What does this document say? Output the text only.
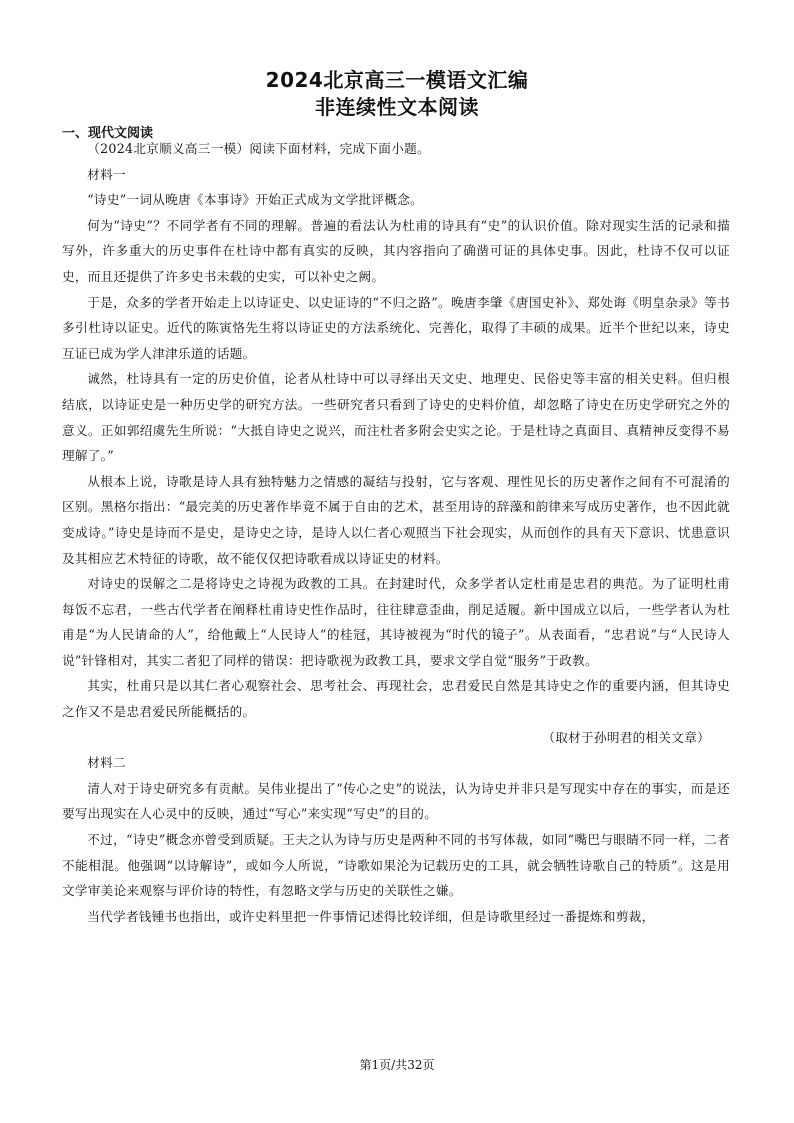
2024北京高三一模语文汇编
非连续性文本阅读
一、现代文阅读

（2024北京顺义高三一模）阅读下面材料，完成下面小题。

材料一

“诗史”一词从晚唐《本事诗》开始正式成为文学批评概念。

何为“诗史”？不同学者有不同的理解。普遍的看法认为杜甫的诗具有“史”的认识价值。除对现实生活的记录和描写外，许多重大的历史事件在杜诗中都有真实的反映，其内容指向了确凿可证的具体史事。因此，杜诗不仅可以证史，而且还提供了许多史书未载的史实，可以补史之阙。

于是，众多的学者开始走上以诗证史、以史证诗的“不归之路”。晚唐李肇《唐国史补》、郑处诲《明皇杂录》等书多引杜诗以证史。近代的陈寅恪先生将以诗证史的方法系统化、完善化，取得了丰硕的成果。近半个世纪以来，诗史互证已成为学人津津乐道的话题。

诚然，杜诗具有一定的历史价值，论者从杜诗中可以寻绎出天文史、地理史、民俗史等丰富的相关史料。但归根结底，以诗证史是一种历史学的研究方法。一些研究者只看到了诗史的史料价值，却忽略了诗史在历史学研究之外的意义。正如郭绍虞先生所说：“大抵自诗史之说兴，而注杜者多附会史实之论。于是杜诗之真面目、真精神反变得不易理解了。”

从根本上说，诗歌是诗人具有独特魅力之情感的凝结与投射，它与客观、理性见长的历史著作之间有不可混淆的区别。黑格尔指出：“最完美的历史著作毕竟不属于自由的艺术，甚至用诗的辞藻和韵律来写成历史著作，也不因此就变成诗。”诗史是诗而不是史，是诗史之诗，是诗人以仁者心观照当下社会现实，从而创作的具有天下意识、忧患意识及其相应艺术特征的诗歌，故不能仅仅把诗歌看成以诗证史的材料。

对诗史的误解之二是将诗史之诗视为政教的工具。在封建时代，众多学者认定杜甫是忠君的典范。为了证明杜甫每饭不忘君，一些古代学者在阐释杜甫诗史性作品时，往往肆意歪曲，削足适履。新中国成立以后，一些学者认为杜甫是“为人民请命的人”，给他戴上“人民诗人”的桂冠，其诗被视为“时代的镜子”。从表面看，“忠君说”与“人民诗人说”针锋相对，其实二者犯了同样的错误：把诗歌视为政教工具，要求文学自觉“服务”于政教。

其实，杜甫只是以其仁者心观察社会、思考社会、再现社会，忠君爱民自然是其诗史之作的重要内涵，但其诗史之作又不是忠君爱民所能概括的。

（取材于孙明君的相关文章）

材料二

清人对于诗史研究多有贡献。吴伟业提出了“传心之史”的说法，认为诗史并非只是写现实中存在的事实，而是还要写出现实在人心灵中的反映，通过“写心”来实现“写史”的目的。

不过，“诗史”概念亦曾受到质疑。王夫之认为诗与历史是两种不同的书写体裁，如同“嘴巴与眼睛不同一样，二者不能相混。他强调“以诗解诗”，或如今人所说，“诗歌如果沦为记载历史的工具，就会牺牲诗歌自己的特质”。这是用文学审美论来观察与评价诗的特性，有忽略文学与历史的关联性之嫌。

当代学者钱锺书也指出，或许史料里把一件事情记述得比较详细，但是诗歌里经过一番提炼和剪裁，

第1页/共32页
